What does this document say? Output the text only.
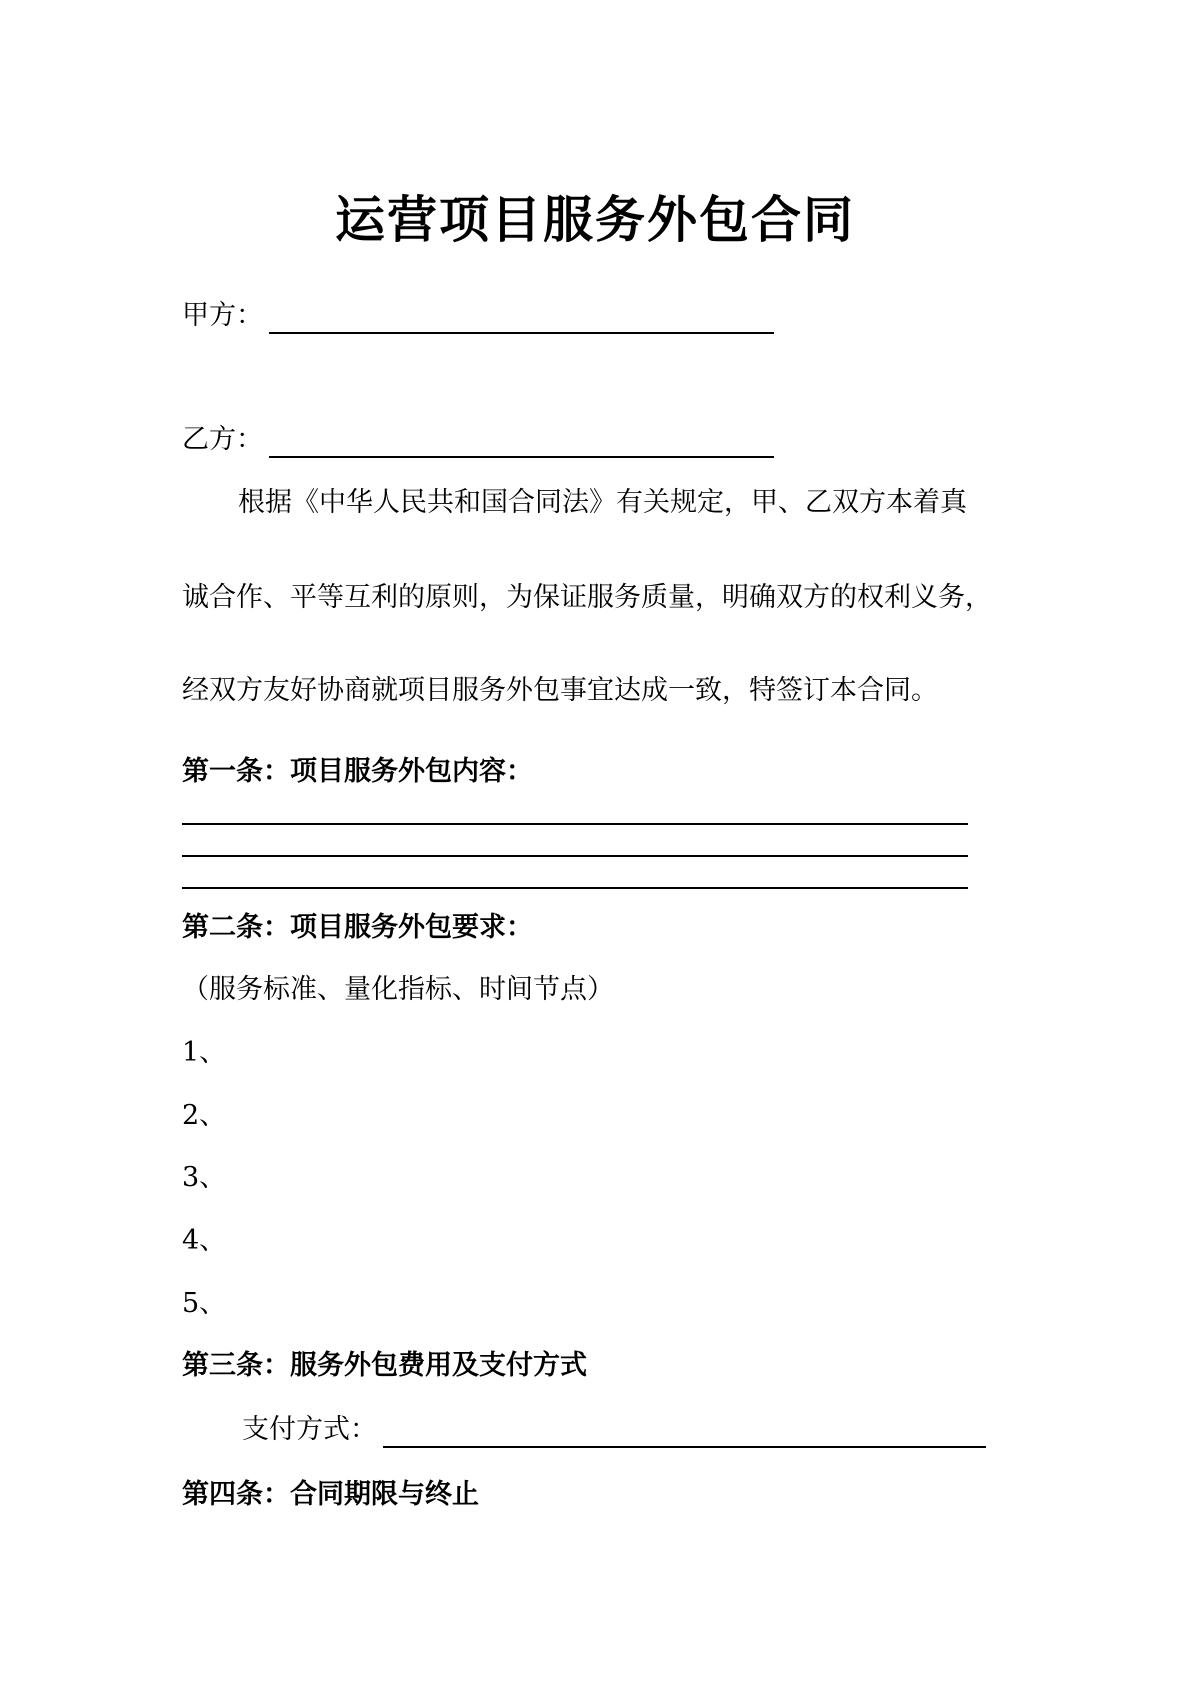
运营项目服务外包合同
甲方：
乙方：
根据《中华人民共和国合同法》有关规定，甲、乙双方本着真
诚合作、平等互利的原则，为保证服务质量，明确双方的权利义务，
经双方友好协商就项目服务外包事宜达成一致，特签订本合同。
第一条：项目服务外包内容：
第二条：项目服务外包要求：
（服务标准、量化指标、时间节点）
1、
2、
3、
4、
5、
第三条：服务外包费用及支付方式
支付方式：
第四条：合同期限与终止
